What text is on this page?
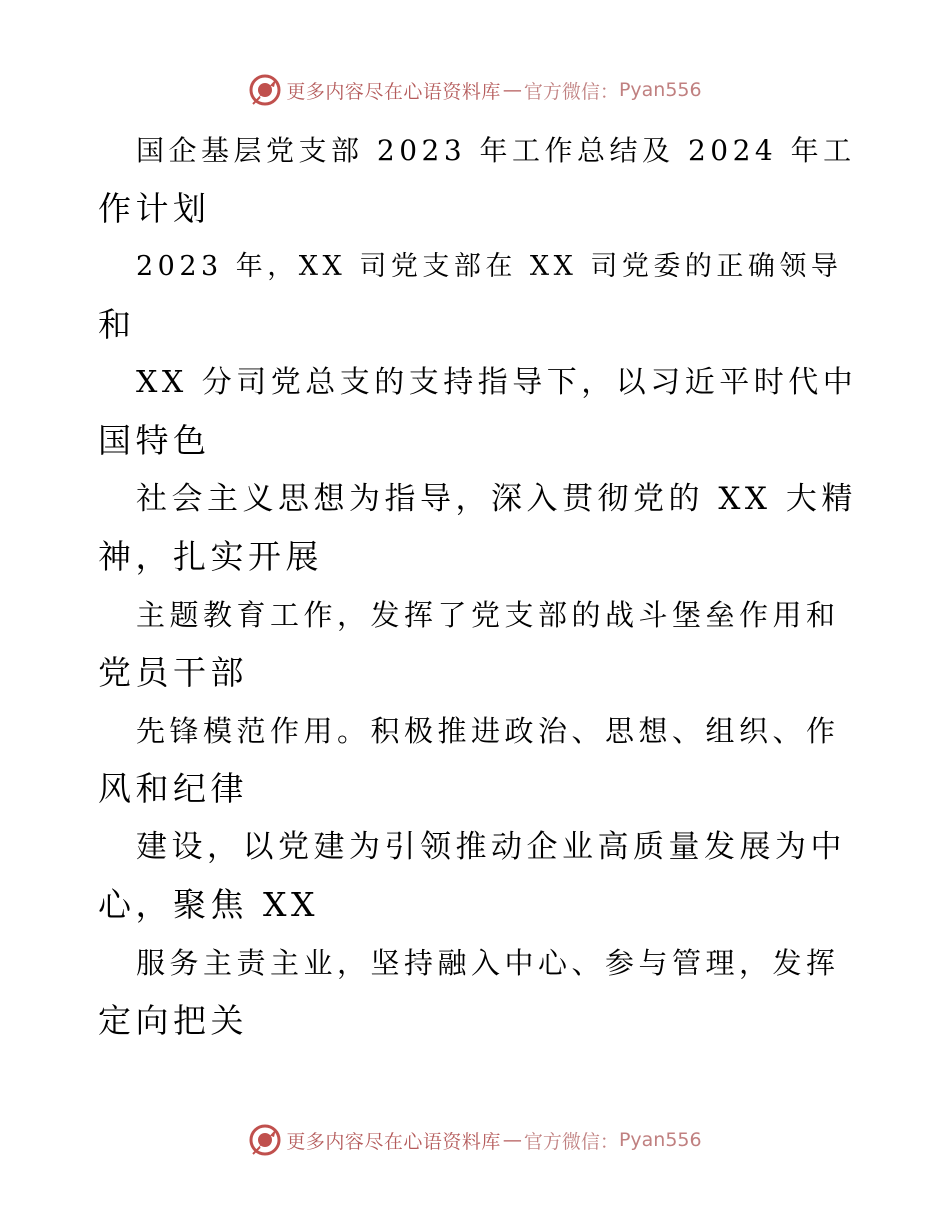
更多内容尽在心语资料库 — 官方微信： Pyan556
国企基层党支部 2023 年工作总结及 2024 年工
作计划
2023 年，XX 司党支部在 XX 司党委的正确领导
和
XX 分司党总支的支持指导下，以习近平时代中
国特色
社会主义思想为指导，深入贯彻党的 XX 大精
神，扎实开展
主题教育工作，发挥了党支部的战斗堡垒作用和
党员干部
先锋模范作用。积极推进政治、思想、组织、作
风和纪律
建设，以党建为引领推动企业高质量发展为中
心，聚焦 XX
服务主责主业，坚持融入中心、参与管理，发挥
定向把关
更多内容尽在心语资料库 — 官方微信： Pyan556
